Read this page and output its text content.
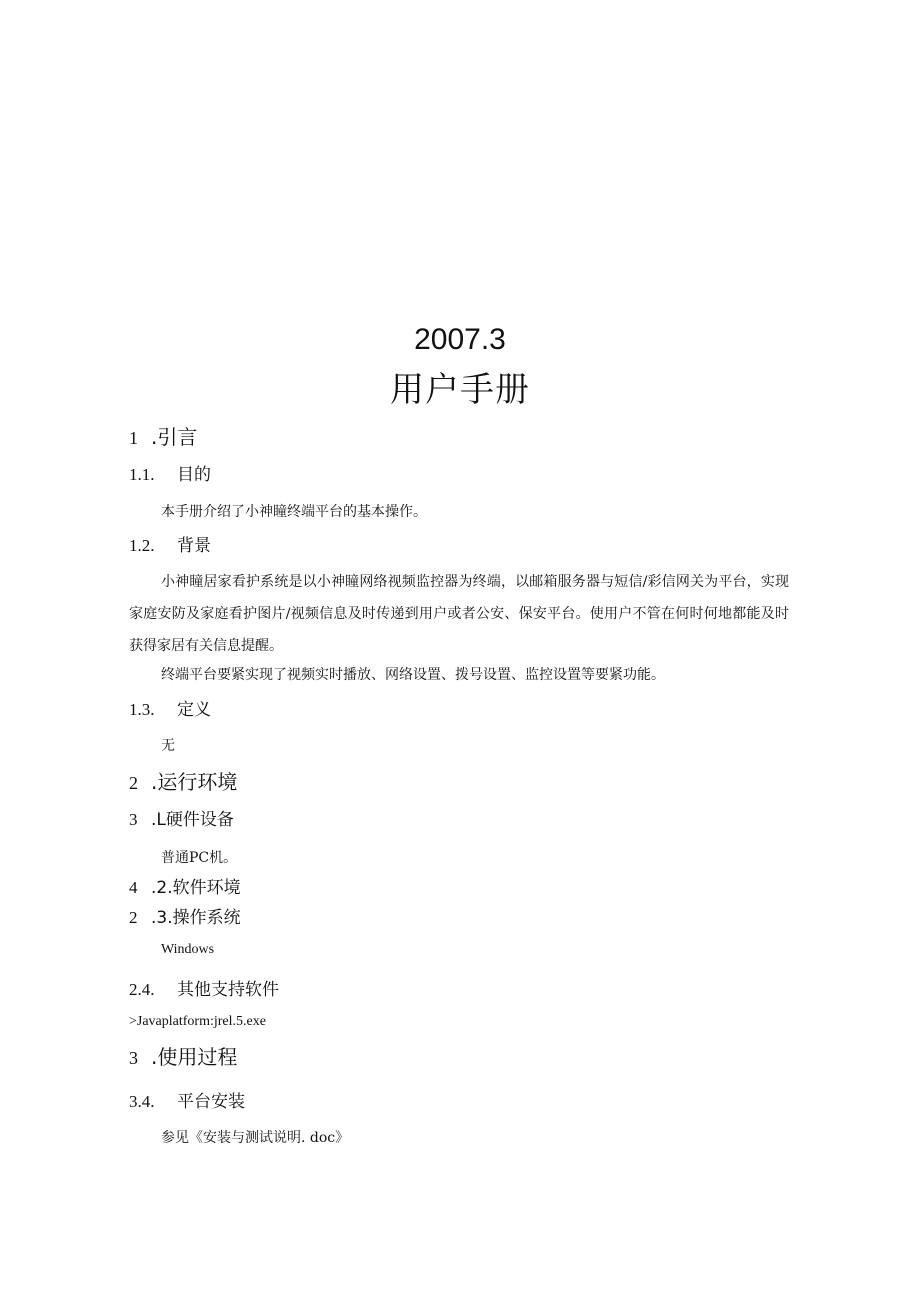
2007.3
用户手册
1 .引言
1.1. 目的
本手册介绍了小神瞳终端平台的基本操作。
1.2. 背景
小神瞳居家看护系统是以小神瞳网络视频监控器为终端，以邮箱服务器与短信/彩信网关为平台，实现家庭安防及家庭看护图片/视频信息及时传递到用户或者公安、保安平台。使用户不管在何时何地都能及时获得家居有关信息提醒。
终端平台要紧实现了视频实时播放、网络设置、拨号设置、监控设置等要紧功能。
1.3. 定义
无
2 .运行环境
3 .L硬件设备
普通PC机。
4 .2.软件环境
2 .3.操作系统
Windows
2.4. 其他支持软件
>Javaplatform:jrel.5.exe
3 .使用过程
3.4. 平台安装
参见《安装与测试说明. doc》
